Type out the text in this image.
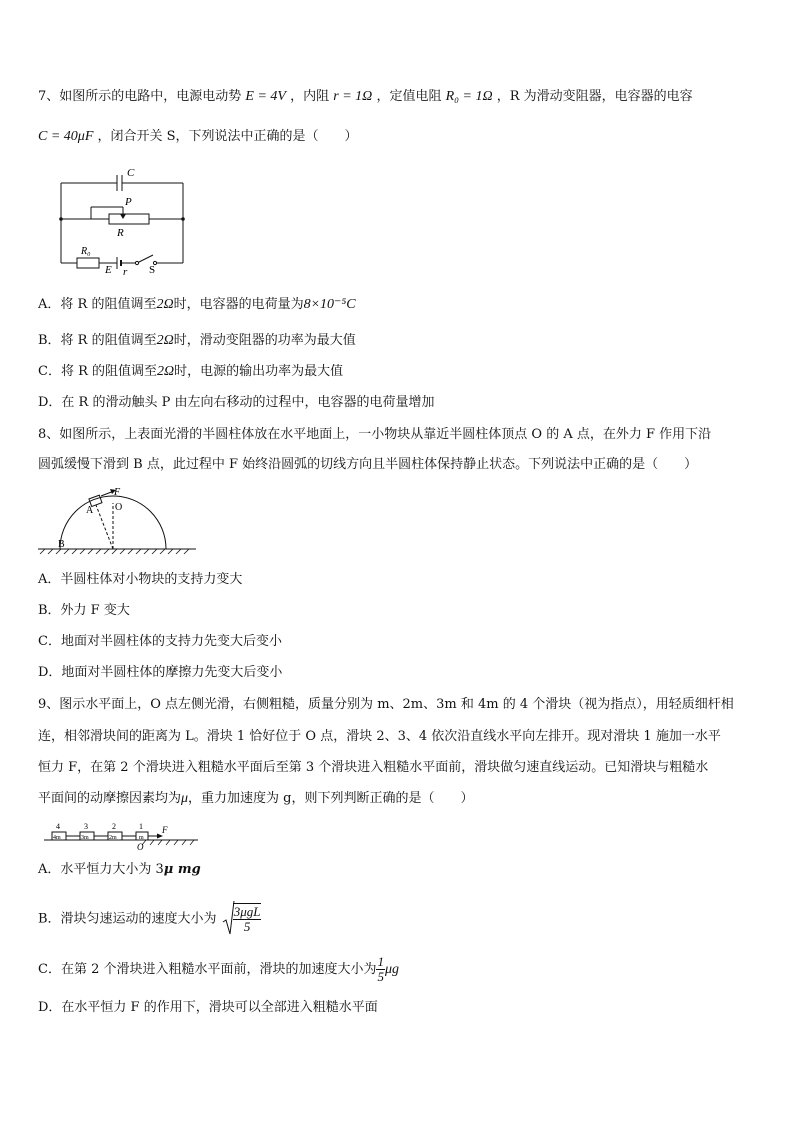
7、如图所示的电路中，电源电动势 E = 4V ，内阻 r = 1Ω ，定值电阻 R₀ = 1Ω ，R 为滑动变阻器，电容器的电容
C = 40μF ，闭合开关 S，下列说法中正确的是（　　）
C
P
R
R₀
E r S
A．将 R 的阻值调至2Ω时，电容器的电荷量为8×10⁻⁵C
B．将 R 的阻值调至2Ω时，滑动变阻器的功率为最大值
C．将 R 的阻值调至2Ω时，电源的输出功率为最大值
D．在 R 的滑动触头 P 由左向右移动的过程中，电容器的电荷量增加
8、如图所示，上表面光滑的半圆柱体放在水平地面上，一小物块从靠近半圆柱体顶点 O 的 A 点，在外力 F 作用下沿
圆弧缓慢下滑到 B 点，此过程中 F 始终沿圆弧的切线方向且半圆柱体保持静止状态。下列说法中正确的是（　　）
F
A O
B
A．半圆柱体对小物块的支持力变大
B．外力 F 变大
C．地面对半圆柱体的支持力先变大后变小
D．地面对半圆柱体的摩擦力先变大后变小
9、图示水平面上，O 点左侧光滑，右侧粗糙，质量分别为 m、2m、3m 和 4m 的 4 个滑块（视为指点），用轻质细杆相
连，相邻滑块间的距离为 L。滑块 1 恰好位于 O 点，滑块 2、3、4 依次沿直线水平向左排开。现对滑块 1 施加一水平
恒力 F，在第 2 个滑块进入粗糙水平面后至第 3 个滑块进入粗糙水平面前，滑块做匀速直线运动。已知滑块与粗糙水
平面间的动摩擦因素均为μ，重力加速度为 g，则下列判断正确的是（　　）
4	3	2	1
4m	3m	2m	m
F
O
A．水平恒力大小为 3μ mg
B．滑块匀速运动的速度大小为 $\frac{\text{3μgL}}{5}$
C．在第 2 个滑块进入粗糙水平面前，滑块的加速度大小为 $\frac{1}{5}$ μg
D．在水平恒力 F 的作用下，滑块可以全部进入粗糙水平面
